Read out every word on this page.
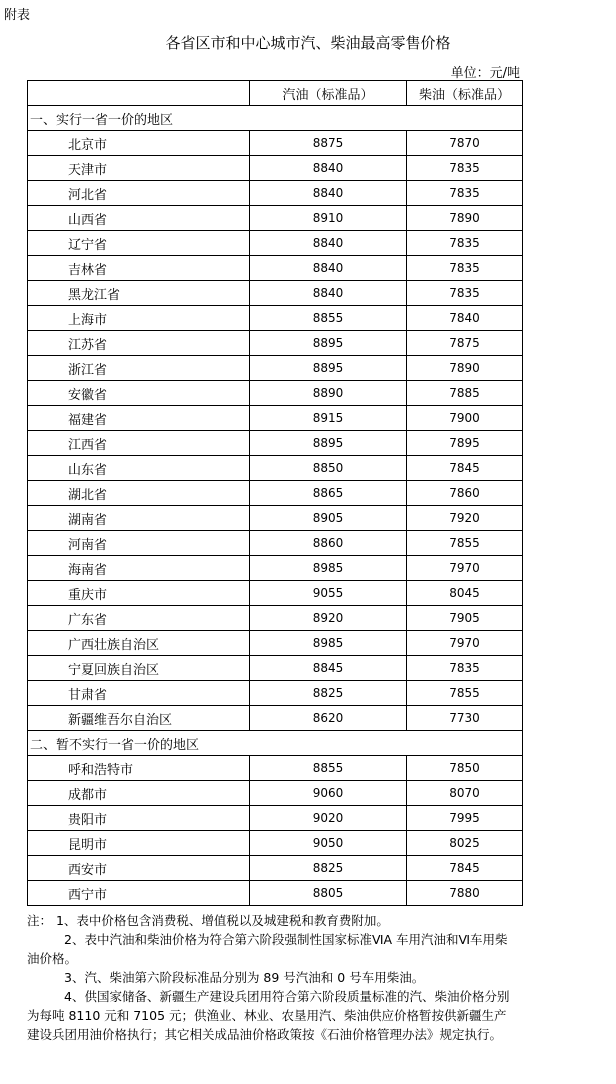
附表
各省区市和中心城市汽、柴油最高零售价格
单位：元/吨
	汽油（标准品）	柴油（标准品）
一、实行一省一价的地区		
北京市	8875	7870
天津市	8840	7835
河北省	8840	7835
山西省	8910	7890
辽宁省	8840	7835
吉林省	8840	7835
黑龙江省	8840	7835
上海市	8855	7840
江苏省	8895	7875
浙江省	8895	7890
安徽省	8890	7885
福建省	8915	7900
江西省	8895	7895
山东省	8850	7845
湖北省	8865	7860
湖南省	8905	7920
河南省	8860	7855
海南省	8985	7970
重庆市	9055	8045
广东省	8920	7905
广西壮族自治区	8985	7970
宁夏回族自治区	8845	7835
甘肃省	8825	7855
新疆维吾尔自治区	8620	7730
二、暂不实行一省一价的地区		
呼和浩特市	8855	7850
成都市	9060	8070
贵阳市	9020	7995
昆明市	9050	8025
西安市	8825	7845
西宁市	8805	7880

注： 1、表中价格包含消费税、增值税以及城建税和教育费附加。

2、表中汽油和柴油价格为符合第六阶段强制性国家标准ⅥA 车用汽油和Ⅵ车用柴油价格。

3、汽、柴油第六阶段标准品分别为 89 号汽油和 0 号车用柴油。

4、供国家储备、新疆生产建设兵团用符合第六阶段质量标准的汽、柴油价格分别为每吨 8110 元和 7105 元；供渔业、林业、农垦用汽、柴油供应价格暂按供新疆生产建设兵团用油价格执行；其它相关成品油价格政策按《石油价格管理办法》规定执行。
